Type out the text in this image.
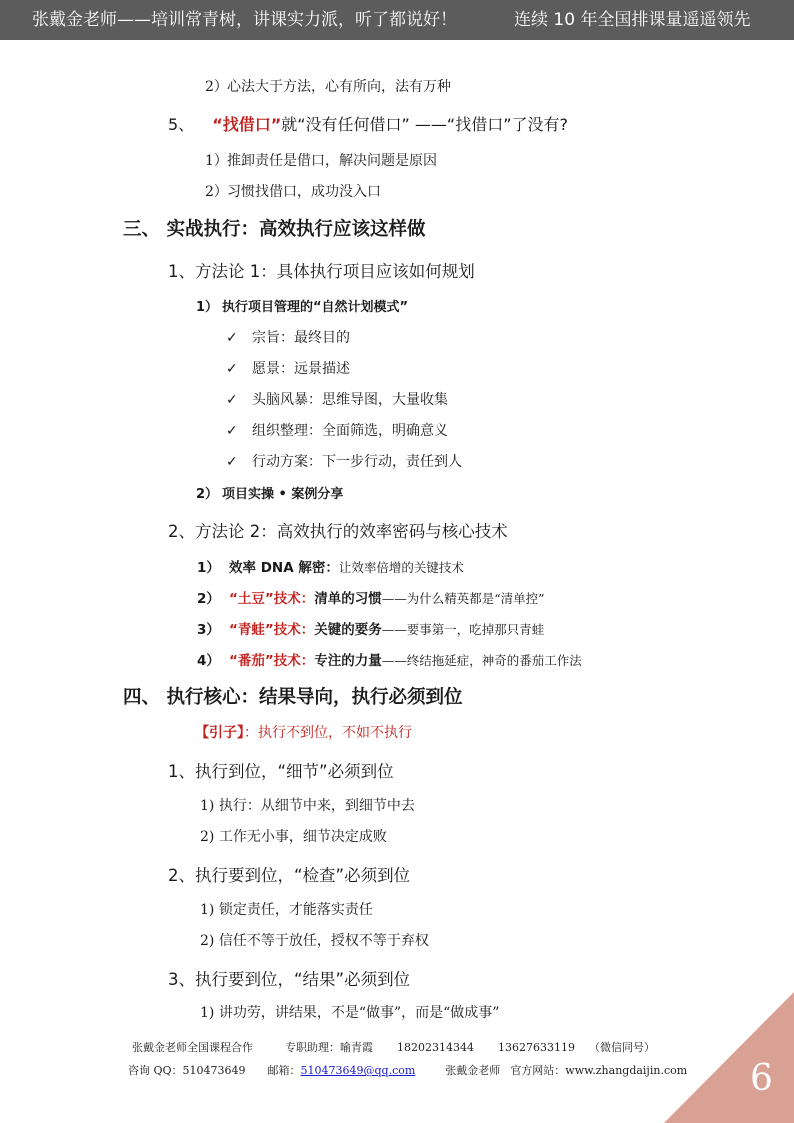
张戴金老师——培训常青树，讲课实力派，听了都说好！	连续 10 年全国排课量遥遥领先
2）心法大于方法，心有所向，法有万种
5、 “找借口”就“没有任何借口” ——“找借口”了没有?
1）推卸责任是借口，解决问题是原因
2）习惯找借口，成功没入口
三、 实战执行：高效执行应该这样做
1、方法论 1：具体执行项目应该如何规划
1） 执行项目管理的“自然计划模式”
✓ 宗旨：最终目的
✓ 愿景：远景描述
✓ 头脑风暴：思维导图，大量收集
✓ 组织整理：全面筛选，明确意义
✓ 行动方案：下一步行动，责任到人
2） 项目实操 • 案例分享
2、方法论 2：高效执行的效率密码与核心技术
1） 效率 DNA 解密：让效率倍增的关键技术
2） “土豆”技术：清单的习惯——为什么精英都是“清单控”
3） “青蛙”技术：关键的要务——要事第一，吃掉那只青蛙
4） “番茄”技术：专注的力量——终结拖延症，神奇的番茄工作法
四、 执行核心：结果导向，执行必须到位
【引子】：执行不到位，不如不执行
1、执行到位，“细节”必须到位
1) 执行：从细节中来，到细节中去
2) 工作无小事，细节决定成败
2、执行要到位，“检查”必须到位
1) 锁定责任，才能落实责任
2) 信任不等于放任，授权不等于弃权
3、执行要到位，“结果”必须到位
1) 讲功劳，讲结果，不是“做事”，而是“做成事”
张戴金老师全国课程合作	专职助理：喻青霞 18202314344 13627633119 （微信同号）
咨询 QQ：510473649 邮箱：510473649@qq.com	张戴金老师 官方网站：www.zhangdaijin.com 6
